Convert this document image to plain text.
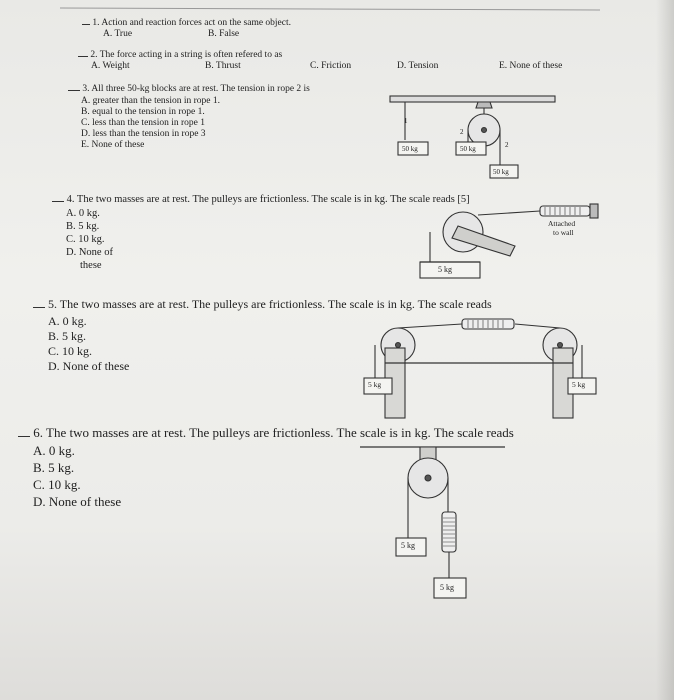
1. Action and reaction forces act on the same object.
A. True	B. False
2. The force acting in a string is often refered to as
A. Weight	B. Thrust	C. Friction	D. Tension	E. None of these
3. All three 50-kg blocks are at rest. The tension in rope 2 is
A. greater than the tension in rope 1.
B. equal to the tension in rope 1.
C. less than the tension in rope 1
D. less than the tension in rope 3
E. None of these
1
2
2
50 kg	50 kg
50 kg
4. The two masses are at rest. The pulleys are frictionless. The scale is in kg. The scale reads [5]
A. 0 kg.
B. 5 kg.
C. 10 kg.
D. None of
these
Attached
to wall
5 kg
5. The two masses are at rest. The pulleys are frictionless. The scale is in kg. The scale reads
A. 0 kg.
B. 5 kg.
C. 10 kg.
D. None of these
5 kg	5 kg
6. The two masses are at rest. The pulleys are frictionless. The scale is in kg. The scale reads
A. 0 kg.
B. 5 kg.
C. 10 kg.
D. None of these
5 kg
5 kg
